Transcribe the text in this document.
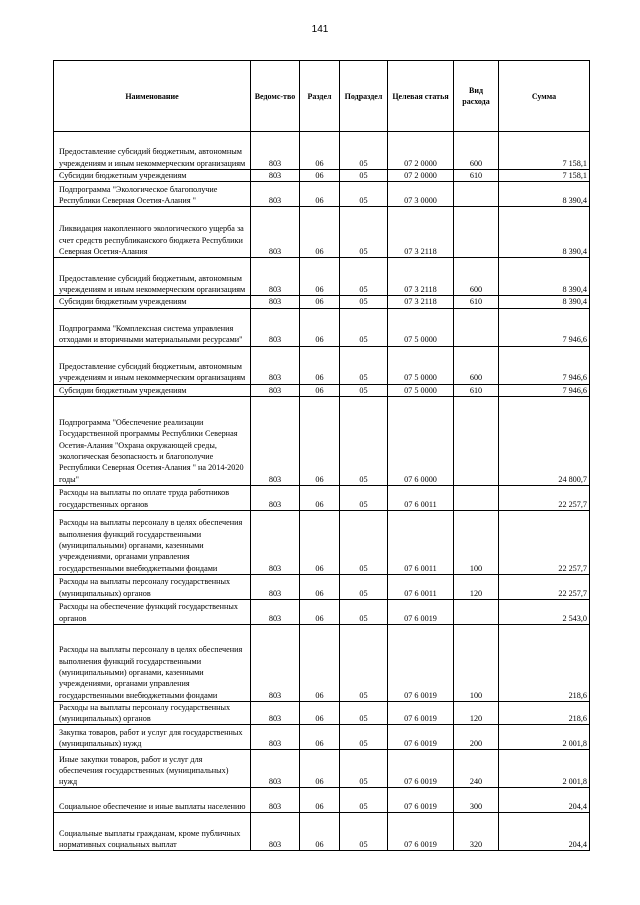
141
Наименование	Ведомс-тво	Раздел	Подраздел	Целевая статья	Вид расхода	Сумма
Предоставление субсидий бюджетным, автономным учреждениям и иным некоммерческим организациям	803	06	05	07 2 0000	600	7 158,1
Субсидии бюджетным учреждениям	803	06	05	07 2 0000	610	7 158,1
Подпрограмма "Экологическое благополучие Республики Северная Осетия-Алания "	803	06	05	07 3 0000		8 390,4
Ликвидация накопленного экологического ущерба за счет средств республиканского бюджета Республики Северная Осетия-Алания	803	06	05	07 3 2118		8 390,4
Предоставление субсидий бюджетным, автономным учреждениям и иным некоммерческим организациям	803	06	05	07 3 2118	600	8 390,4
Субсидии бюджетным учреждениям	803	06	05	07 3 2118	610	8 390,4
Подпрограмма "Комплексная система управления отходами и вторичными материальными ресурсами"	803	06	05	07 5 0000		7 946,6
Предоставление субсидий бюджетным, автономным учреждениям и иным некоммерческим организациям	803	06	05	07 5 0000	600	7 946,6
Субсидии бюджетным учреждениям	803	06	05	07 5 0000	610	7 946,6
Подпрограмма "Обеспечение реализации Государственной программы Республики Северная Осетия-Алания "Охрана окружающей среды, экологическая безопасность и благополучие Республики Северная Осетия-Алания " на 2014-2020 годы"	803	06	05	07 6 0000		24 800,7
Расходы на выплаты по оплате труда работников государственных органов	803	06	05	07 6 0011		22 257,7
Расходы на выплаты персоналу в целях обеспечения выполнения функций государственными (муниципальными) органами, казенными учреждениями, органами управления государственными внебюджетными фондами	803	06	05	07 6 0011	100	22 257,7
Расходы на выплаты персоналу государственных (муниципальных) органов	803	06	05	07 6 0011	120	22 257,7
Расходы на обеспечение функций государственных органов	803	06	05	07 6 0019		2 543,0
Расходы на выплаты персоналу в целях обеспечения выполнения функций государственными (муниципальными) органами, казенными учреждениями, органами управления государственными внебюджетными фондами	803	06	05	07 6 0019	100	218,6
Расходы на выплаты персоналу государственных (муниципальных) органов	803	06	05	07 6 0019	120	218,6
Закупка товаров, работ и услуг для государственных (муниципальных) нужд	803	06	05	07 6 0019	200	2 001,8
Иные закупки товаров, работ и услуг для обеспечения государственных (муниципальных) нужд	803	06	05	07 6 0019	240	2 001,8
Социальное обеспечение и иные выплаты населению	803	06	05	07 6 0019	300	204,4
Социальные выплаты гражданам, кроме публичных нормативных социальных выплат	803	06	05	07 6 0019	320	204,4
